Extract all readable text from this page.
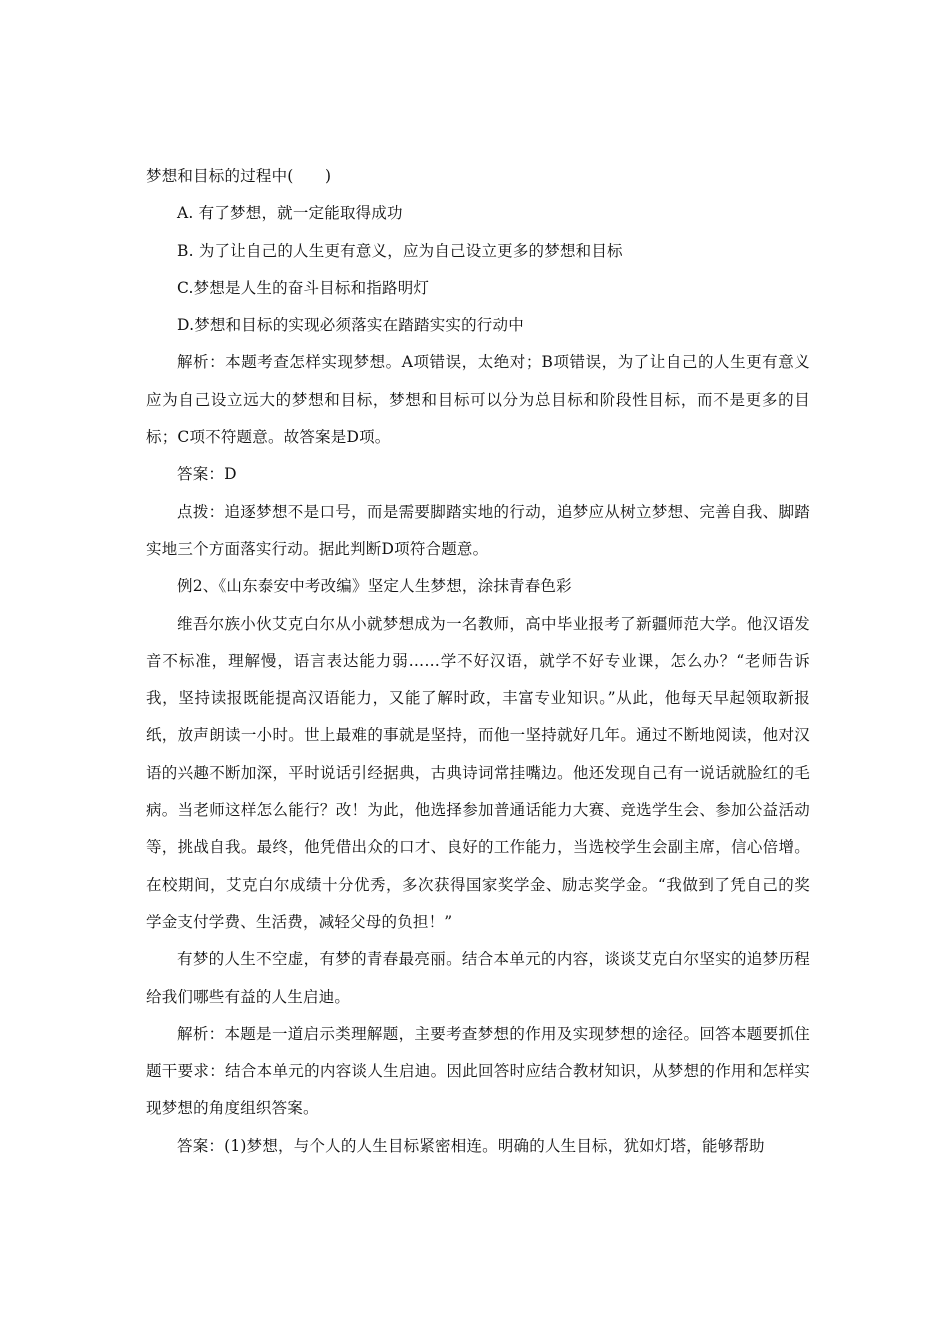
梦想和目标的过程中(　　)

A. 有了梦想，就一定能取得成功

B. 为了让自己的人生更有意义，应为自己设立更多的梦想和目标

C.梦想是人生的奋斗目标和指路明灯

D.梦想和目标的实现必须落实在踏踏实实的行动中

解析：本题考查怎样实现梦想。A项错误，太绝对；B项错误，为了让自己的人生更有意义应为自己设立远大的梦想和目标，梦想和目标可以分为总目标和阶段性目标，而不是更多的目标；C项不符题意。故答案是D项。

答案：D

点拨：追逐梦想不是口号，而是需要脚踏实地的行动，追梦应从树立梦想、完善自我、脚踏实地三个方面落实行动。据此判断D项符合题意。

例2、《山东泰安中考改编》坚定人生梦想，涂抹青春色彩

维吾尔族小伙艾克白尔从小就梦想成为一名教师，高中毕业报考了新疆师范大学。他汉语发音不标准，理解慢，语言表达能力弱……学不好汉语，就学不好专业课，怎么办？“老师告诉我，坚持读报既能提高汉语能力，又能了解时政，丰富专业知识。”从此，他每天早起领取新报纸，放声朗读一小时。世上最难的事就是坚持，而他一坚持就好几年。通过不断地阅读，他对汉语的兴趣不断加深，平时说话引经据典，古典诗词常挂嘴边。他还发现自己有一说话就脸红的毛病。当老师这样怎么能行？改！为此，他选择参加普通话能力大赛、竞选学生会、参加公益活动等，挑战自我。最终，他凭借出众的口才、良好的工作能力，当选校学生会副主席，信心倍增。在校期间，艾克白尔成绩十分优秀，多次获得国家奖学金、励志奖学金。“我做到了凭自己的奖学金支付学费、生活费，减轻父母的负担！”

有梦的人生不空虚，有梦的青春最亮丽。结合本单元的内容，谈谈艾克白尔坚实的追梦历程给我们哪些有益的人生启迪。

解析：本题是一道启示类理解题，主要考查梦想的作用及实现梦想的途径。回答本题要抓住题干要求：结合本单元的内容谈人生启迪。因此回答时应结合教材知识，从梦想的作用和怎样实现梦想的角度组织答案。

答案：(1)梦想，与个人的人生目标紧密相连。明确的人生目标，犹如灯塔，能够帮助
